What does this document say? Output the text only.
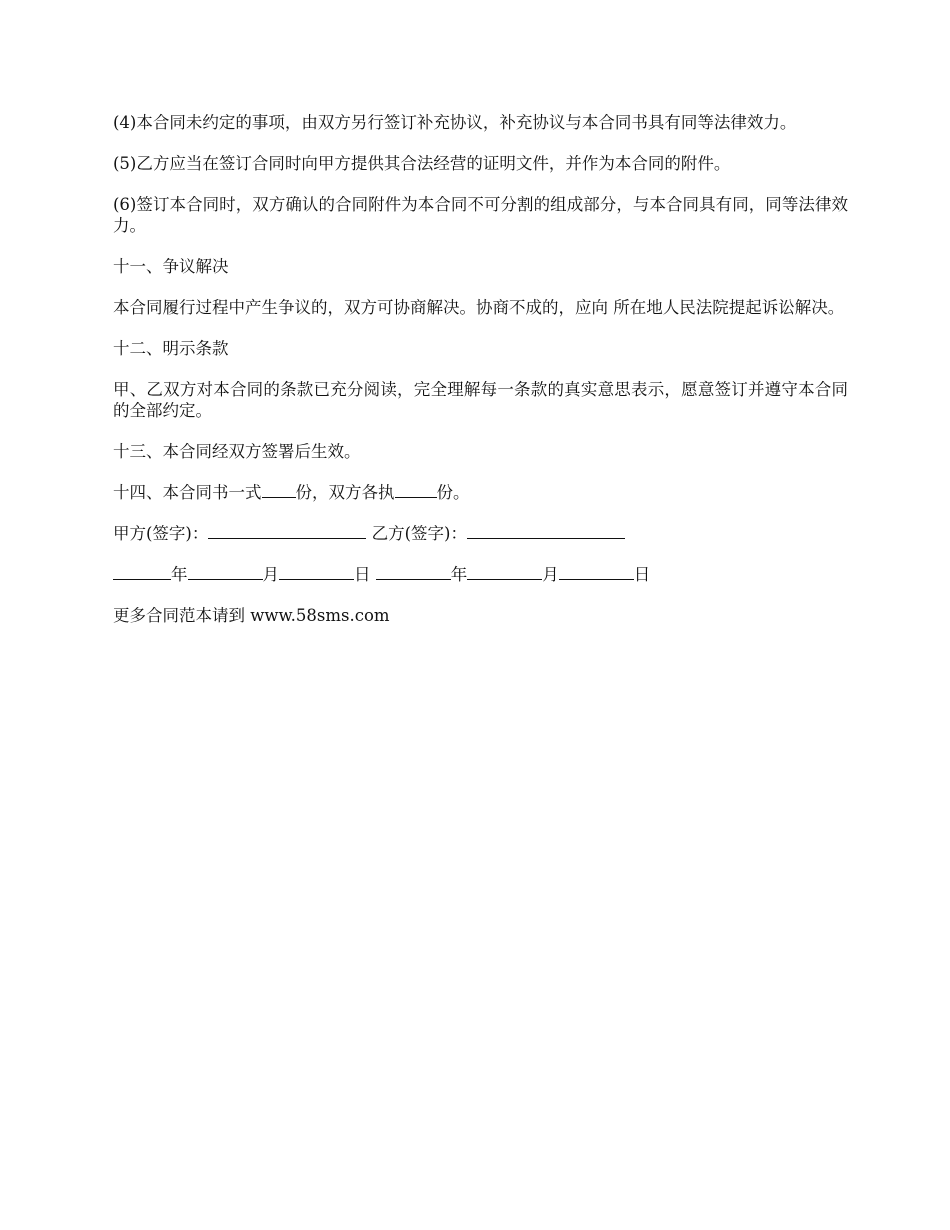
(4)本合同未约定的事项，由双方另行签订补充协议，补充协议与本合同书具有同等法律效力。

(5)乙方应当在签订合同时向甲方提供其合法经营的证明文件，并作为本合同的附件。

(6)签订本合同时，双方确认的合同附件为本合同不可分割的组成部分，与本合同具有同，同等法律效力。

十一、争议解决

本合同履行过程中产生争议的，双方可协商解决。协商不成的，应向 所在地人民法院提起诉讼解决。

十二、明示条款

甲、乙双方对本合同的条款已充分阅读，完全理解每一条款的真实意思表示，愿意签订并遵守本合同的全部约定。

十三、本合同经双方签署后生效。

十四、本合同书一式 份，双方各执	份。

甲方(签字)：	乙方(签字)：

年	月	日	年	月	日

更多合同范本请到 www.58sms.com
